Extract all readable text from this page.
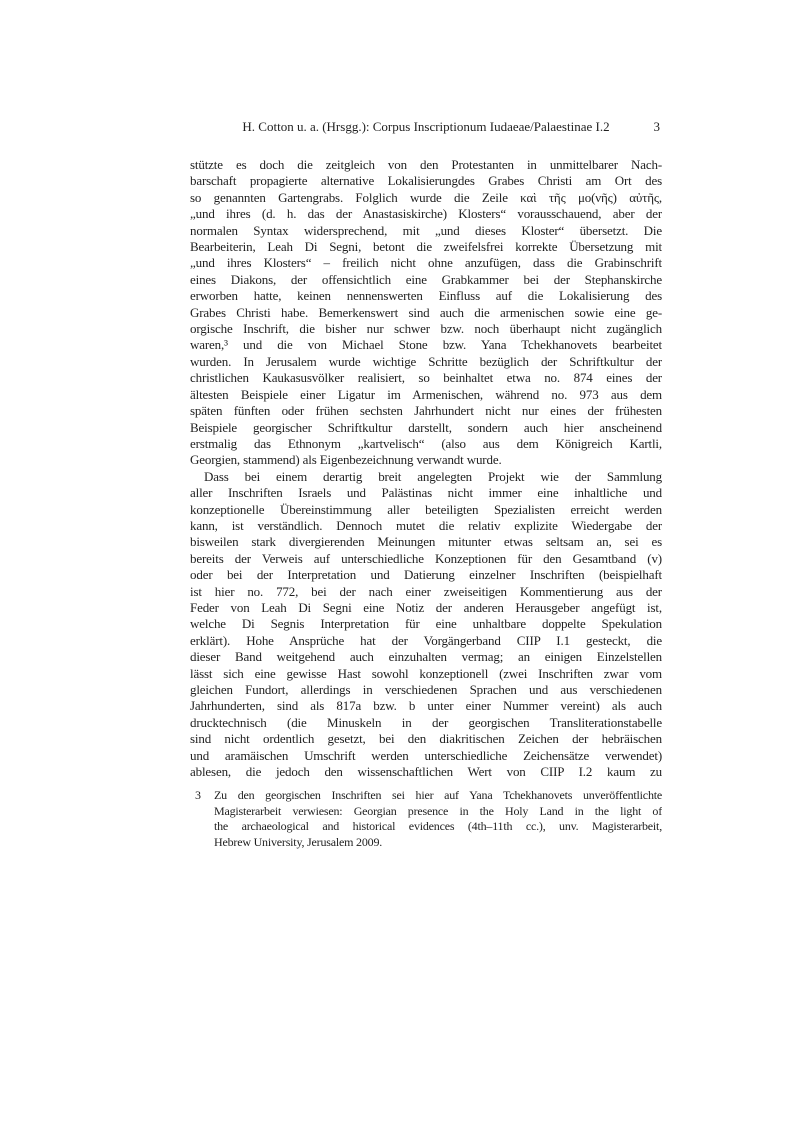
H. Cotton u. a. (Hrsgg.): Corpus Inscriptionum Iudaeae/Palaestinae I.2	3
stützte es doch die zeitgleich von den Protestanten in unmittelbarer Nach-
barschaft propagierte alternative Lokalisierungdes Grabes Christi am Ort des
so genannten Gartengrabs. Folglich wurde die Zeile καὶ τῆς μο(νῆς) αὐτῆς,
„und ihres (d. h. das der Anastasiskirche) Klosters“ vorausschauend, aber der
normalen Syntax widersprechend, mit „und dieses Kloster“ übersetzt. Die
Bearbeiterin, Leah Di Segni, betont die zweifelsfrei korrekte Übersetzung mit
„und ihres Klosters“ – freilich nicht ohne anzufügen, dass die Grabinschrift
eines Diakons, der offensichtlich eine Grabkammer bei der Stephanskirche
erworben hatte, keinen nennenswerten Einfluss auf die Lokalisierung des
Grabes Christi habe. Bemerkenswert sind auch die armenischen sowie eine ge-
orgische Inschrift, die bisher nur schwer bzw. noch überhaupt nicht zugänglich
waren,³ und die von Michael Stone bzw. Yana Tchekhanovets bearbeitet
wurden. In Jerusalem wurde wichtige Schritte bezüglich der Schriftkultur der
christlichen Kaukasusvölker realisiert, so beinhaltet etwa no. 874 eines der
ältesten Beispiele einer Ligatur im Armenischen, während no. 973 aus dem
späten fünften oder frühen sechsten Jahrhundert nicht nur eines der frühesten
Beispiele georgischer Schriftkultur darstellt, sondern auch hier anscheinend
erstmalig das Ethnonym „kartvelisch“ (also aus dem Königreich Kartli,
Georgien, stammend) als Eigenbezeichnung verwandt wurde.
Dass bei einem derartig breit angelegten Projekt wie der Sammlung
aller Inschriften Israels und Palästinas nicht immer eine inhaltliche und
konzeptionelle Übereinstimmung aller beteiligten Spezialisten erreicht werden
kann, ist verständlich. Dennoch mutet die relativ explizite Wiedergabe der
bisweilen stark divergierenden Meinungen mitunter etwas seltsam an, sei es
bereits der Verweis auf unterschiedliche Konzeptionen für den Gesamtband (v)
oder bei der Interpretation und Datierung einzelner Inschriften (beispielhaft
ist hier no. 772, bei der nach einer zweiseitigen Kommentierung aus der
Feder von Leah Di Segni eine Notiz der anderen Herausgeber angefügt ist,
welche Di Segnis Interpretation für eine unhaltbare doppelte Spekulation
erklärt). Hohe Ansprüche hat der Vorgängerband CIIP I.1 gesteckt, die
dieser Band weitgehend auch einzuhalten vermag; an einigen Einzelstellen
lässt sich eine gewisse Hast sowohl konzeptionell (zwei Inschriften zwar vom
gleichen Fundort, allerdings in verschiedenen Sprachen und aus verschiedenen
Jahrhunderten, sind als 817a bzw. b unter einer Nummer vereint) als auch
drucktechnisch (die Minuskeln in der georgischen Transliterationstabelle
sind nicht ordentlich gesetzt, bei den diakritischen Zeichen der hebräischen
und aramäischen Umschrift werden unterschiedliche Zeichensätze verwendet)
ablesen, die jedoch den wissenschaftlichen Wert von CIIP I.2 kaum zu
3	Zu den georgischen Inschriften sei hier auf Yana Tchekhanovets unveröffentlichte
Magisterarbeit verwiesen: Georgian presence in the Holy Land in the light of
the archaeological and historical evidences (4th–11th cc.), unv. Magisterarbeit,
Hebrew University, Jerusalem 2009.
